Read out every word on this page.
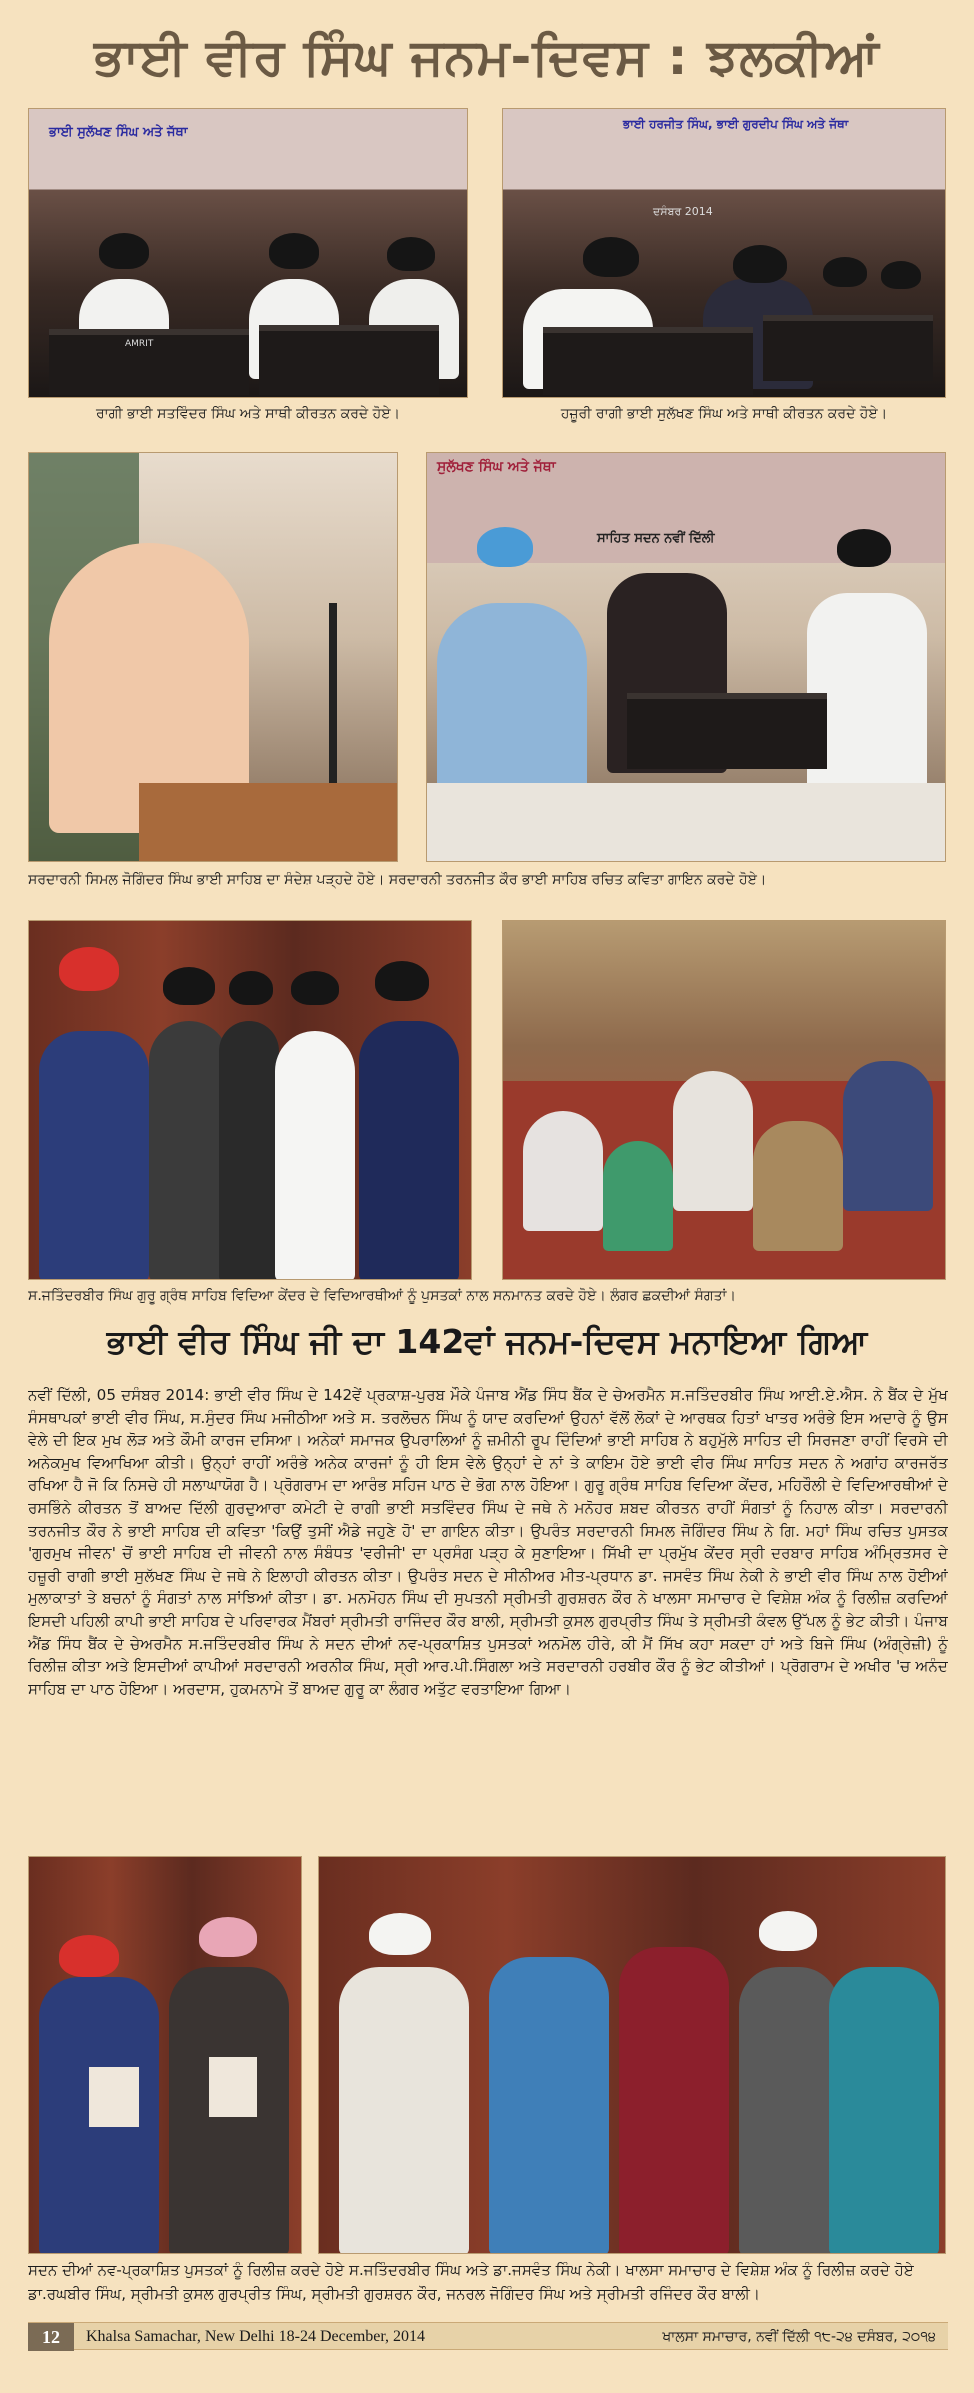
ਭਾਈ ਵੀਰ ਸਿੰਘ ਜਨਮ-ਦਿਵਸ : ਝਲਕੀਆਂ
ਭਾਈ ਸੁਲੱਖਣ ਸਿੰਘ ਅਤੇ ਜੱਥਾ
AMRIT
ਰਾਗੀ ਭਾਈ ਸਤਵਿੰਦਰ ਸਿੰਘ ਅਤੇ ਸਾਥੀ ਕੀਰਤਨ ਕਰਦੇ ਹੋਏ।
ਭਾਈ ਹਰਜੀਤ ਸਿੰਘ, ਭਾਈ ਗੁਰਦੀਪ ਸਿੰਘ ਅਤੇ ਜੱਥਾ
ਦਸੰਬਰ 2014
ਹਜ਼ੂਰੀ ਰਾਗੀ ਭਾਈ ਸੁਲੱਖਣ ਸਿੰਘ ਅਤੇ ਸਾਥੀ ਕੀਰਤਨ ਕਰਦੇ ਹੋਏ।
ਸੁਲੱਖਣ ਸਿੰਘ ਅਤੇ ਜੱਥਾ
ਸਾਹਿਤ ਸਦਨ ਨਵੀਂ ਦਿੱਲੀ
ਸਰਦਾਰਨੀ ਸਿਮਲ ਜੋਗਿੰਦਰ ਸਿੰਘ ਭਾਈ ਸਾਹਿਬ ਦਾ ਸੰਦੇਸ਼ ਪੜ੍ਹਦੇ ਹੋਏ। ਸਰਦਾਰਨੀ ਤਰਨਜੀਤ ਕੌਰ ਭਾਈ ਸਾਹਿਬ ਰਚਿਤ ਕਵਿਤਾ ਗਾਇਨ ਕਰਦੇ ਹੋਏ।
ਸ.ਜਤਿੰਦਰਬੀਰ ਸਿੰਘ ਗੁਰੂ ਗ੍ਰੰਥ ਸਾਹਿਬ ਵਿਦਿਆ ਕੇਂਦਰ ਦੇ ਵਿਦਿਆਰਥੀਆਂ ਨੂੰ ਪੁਸਤਕਾਂ ਨਾਲ ਸਨਮਾਨਤ ਕਰਦੇ ਹੋਏ। ਲੰਗਰ ਛਕਦੀਆਂ ਸੰਗਤਾਂ।
ਭਾਈ ਵੀਰ ਸਿੰਘ ਜੀ ਦਾ 142ਵਾਂ ਜਨਮ-ਦਿਵਸ ਮਨਾਇਆ ਗਿਆ
ਨਵੀਂ ਦਿੱਲੀ, 05 ਦਸੰਬਰ 2014: ਭਾਈ ਵੀਰ ਸਿੰਘ ਦੇ 142ਵੇਂ ਪ੍ਰਕਾਸ਼-ਪੁਰਬ ਮੌਕੇ ਪੰਜਾਬ ਐਂਡ ਸਿੰਧ ਬੈਂਕ ਦੇ ਚੇਅਰਮੈਨ ਸ.ਜਤਿੰਦਰਬੀਰ ਸਿੰਘ ਆਈ.ਏ.ਐਸ. ਨੇ ਬੈਂਕ ਦੇ ਮੁੱਖ ਸੰਸਥਾਪਕਾਂ ਭਾਈ ਵੀਰ ਸਿੰਘ, ਸ.ਸੁੰਦਰ ਸਿੰਘ ਮਜੀਠੀਆ ਅਤੇ ਸ. ਤਰਲੋਚਨ ਸਿੰਘ ਨੂੰ ਯਾਦ ਕਰਦਿਆਂ ਉਹਨਾਂ ਵੱਲੋਂ ਲੋਕਾਂ ਦੇ ਆਰਥਕ ਹਿਤਾਂ ਖਾਤਰ ਅਰੰਭੇ ਇਸ ਅਦਾਰੇ ਨੂੰ ਉਸ ਵੇਲੇ ਦੀ ਇਕ ਮੁਖ ਲੋੜ ਅਤੇ ਕੌਮੀ ਕਾਰਜ ਦਸਿਆ। ਅਨੇਕਾਂ ਸਮਾਜਕ ਉਪਰਾਲਿਆਂ ਨੂੰ ਜ਼ਮੀਨੀ ਰੂਪ ਦਿੰਦਿਆਂ ਭਾਈ ਸਾਹਿਬ ਨੇ ਬਹੁਮੁੱਲੇ ਸਾਹਿਤ ਦੀ ਸਿਰਜਣਾ ਰਾਹੀਂ ਵਿਰਸੇ ਦੀ ਅਨੇਕਮੁਖ ਵਿਆਖਿਆ ਕੀਤੀ। ਉਨ੍ਹਾਂ ਰਾਹੀਂ ਅਰੰਭੇ ਅਨੇਕ ਕਾਰਜਾਂ ਨੂੰ ਹੀ ਇਸ ਵੇਲੇ ਉਨ੍ਹਾਂ ਦੇ ਨਾਂ ਤੇ ਕਾਇਮ ਹੋਏ ਭਾਈ ਵੀਰ ਸਿੰਘ ਸਾਹਿਤ ਸਦਨ ਨੇ ਅਗਾਂਹ ਕਾਰਜਰੱਤ ਰਖਿਆ ਹੈ ਜੋ ਕਿ ਨਿਸਚੇ ਹੀ ਸਲਾਘਾਯੋਗ ਹੈ। ਪ੍ਰੋਗਰਾਮ ਦਾ ਆਰੰਭ ਸਹਿਜ ਪਾਠ ਦੇ ਭੋਗ ਨਾਲ ਹੋਇਆ। ਗੁਰੂ ਗ੍ਰੰਥ ਸਾਹਿਬ ਵਿਦਿਆ ਕੇਂਦਰ, ਮਹਿਰੌਲੀ ਦੇ ਵਿਦਿਆਰਥੀਆਂ ਦੇ ਰਸਭਿੰਨੇ ਕੀਰਤਨ ਤੋਂ ਬਾਅਦ ਦਿੱਲੀ ਗੁਰਦੁਆਰਾ ਕਮੇਟੀ ਦੇ ਰਾਗੀ ਭਾਈ ਸਤਵਿੰਦਰ ਸਿੰਘ ਦੇ ਜਥੇ ਨੇ ਮਨੋਹਰ ਸ਼ਬਦ ਕੀਰਤਨ ਰਾਹੀਂ ਸੰਗਤਾਂ ਨੂੰ ਨਿਹਾਲ ਕੀਤਾ। ਸਰਦਾਰਨੀ ਤਰਨਜੀਤ ਕੌਰ ਨੇ ਭਾਈ ਸਾਹਿਬ ਦੀ ਕਵਿਤਾ 'ਕਿਉਂ ਤੁਸੀਂ ਐਡੇ ਜਹੁਣੇ ਹੋ' ਦਾ ਗਾਇਨ ਕੀਤਾ। ਉਪਰੰਤ ਸਰਦਾਰਨੀ ਸਿਮਲ ਜੋਗਿੰਦਰ ਸਿੰਘ ਨੇ ਗਿ. ਮਹਾਂ ਸਿੰਘ ਰਚਿਤ ਪੁਸਤਕ 'ਗੁਰਮੁਖ ਜੀਵਨ' ਚੋਂ ਭਾਈ ਸਾਹਿਬ ਦੀ ਜੀਵਨੀ ਨਾਲ ਸੰਬੰਧਤ 'ਵਰੀਜੀ' ਦਾ ਪ੍ਰਸੰਗ ਪੜ੍ਹ ਕੇ ਸੁਣਾਇਆ। ਸਿੱਖੀ ਦਾ ਪ੍ਰਮੁੱਖ ਕੇਂਦਰ ਸ੍ਰੀ ਦਰਬਾਰ ਸਾਹਿਬ ਅੰਮ੍ਰਿਤਸਰ ਦੇ ਹਜ਼ੂਰੀ ਰਾਗੀ ਭਾਈ ਸੁਲੱਖਣ ਸਿੰਘ ਦੇ ਜਥੇ ਨੇ ਇਲਾਹੀ ਕੀਰਤਨ ਕੀਤਾ। ਉਪਰੰਤ ਸਦਨ ਦੇ ਸੀਨੀਅਰ ਮੀਤ-ਪ੍ਰਧਾਨ ਡਾ. ਜਸਵੰਤ ਸਿੰਘ ਨੇਕੀ ਨੇ ਭਾਈ ਵੀਰ ਸਿੰਘ ਨਾਲ ਹੋਈਆਂ ਮੁਲਾਕਾਤਾਂ ਤੇ ਬਚਨਾਂ ਨੂੰ ਸੰਗਤਾਂ ਨਾਲ ਸਾਂਝਿਆਂ ਕੀਤਾ। ਡਾ. ਮਨਮੋਹਨ ਸਿੰਘ ਦੀ ਸੁਪਤਨੀ ਸ੍ਰੀਮਤੀ ਗੁਰਸ਼ਰਨ ਕੌਰ ਨੇ ਖਾਲਸਾ ਸਮਾਚਾਰ ਦੇ ਵਿਸ਼ੇਸ਼ ਅੰਕ ਨੂੰ ਰਿਲੀਜ਼ ਕਰਦਿਆਂ ਇਸਦੀ ਪਹਿਲੀ ਕਾਪੀ ਭਾਈ ਸਾਹਿਬ ਦੇ ਪਰਿਵਾਰਕ ਮੈਂਬਰਾਂ ਸ੍ਰੀਮਤੀ ਰਾਜਿੰਦਰ ਕੌਰ ਬਾਲੀ, ਸ੍ਰੀਮਤੀ ਕੁਸਲ ਗੁਰਪ੍ਰੀਤ ਸਿੰਘ ਤੇ ਸ੍ਰੀਮਤੀ ਕੰਵਲ ਉੱਪਲ ਨੂੰ ਭੇਟ ਕੀਤੀ। ਪੰਜਾਬ ਐਂਡ ਸਿੰਧ ਬੈਂਕ ਦੇ ਚੇਅਰਮੈਨ ਸ.ਜਤਿੰਦਰਬੀਰ ਸਿੰਘ ਨੇ ਸਦਨ ਦੀਆਂ ਨਵ-ਪ੍ਰਕਾਸ਼ਿਤ ਪੁਸਤਕਾਂ ਅਨਮੋਲ ਹੀਰੇ, ਕੀ ਮੈਂ ਸਿੱਖ ਕਹਾ ਸਕਦਾ ਹਾਂ ਅਤੇ ਬਿਜੇ ਸਿੰਘ (ਅੰਗ੍ਰੇਜ਼ੀ) ਨੂੰ ਰਿਲੀਜ਼ ਕੀਤਾ ਅਤੇ ਇਸਦੀਆਂ ਕਾਪੀਆਂ ਸਰਦਾਰਨੀ ਅਰਨੀਕ ਸਿੰਘ, ਸ੍ਰੀ ਆਰ.ਪੀ.ਸਿੰਗਲਾ ਅਤੇ ਸਰਦਾਰਨੀ ਹਰਬੀਰ ਕੌਰ ਨੂੰ ਭੇਟ ਕੀਤੀਆਂ। ਪ੍ਰੋਗਰਾਮ ਦੇ ਅਖੀਰ 'ਚ ਅਨੰਦ ਸਾਹਿਬ ਦਾ ਪਾਠ ਹੋਇਆ। ਅਰਦਾਸ, ਹੁਕਮਨਾਮੇ ਤੋਂ ਬਾਅਦ ਗੁਰੂ ਕਾ ਲੰਗਰ ਅਤੁੱਟ ਵਰਤਾਇਆ ਗਿਆ।
ਸਦਨ ਦੀਆਂ ਨਵ-ਪ੍ਰਕਾਸ਼ਿਤ ਪੁਸਤਕਾਂ ਨੂੰ ਰਿਲੀਜ਼ ਕਰਦੇ ਹੋਏ ਸ.ਜਤਿੰਦਰਬੀਰ ਸਿੰਘ ਅਤੇ ਡਾ.ਜਸਵੰਤ ਸਿੰਘ ਨੇਕੀ। ਖਾਲਸਾ ਸਮਾਚਾਰ ਦੇ ਵਿਸ਼ੇਸ਼ ਅੰਕ ਨੂੰ ਰਿਲੀਜ਼ ਕਰਦੇ ਹੋਏ ਡਾ.ਰਘਬੀਰ ਸਿੰਘ, ਸ੍ਰੀਮਤੀ ਕੁਸਲ ਗੁਰਪ੍ਰੀਤ ਸਿੰਘ, ਸ੍ਰੀਮਤੀ ਗੁਰਸ਼ਰਨ ਕੌਰ, ਜਨਰਲ ਜੋਗਿੰਦਰ ਸਿੰਘ ਅਤੇ ਸ੍ਰੀਮਤੀ ਰਜਿੰਦਰ ਕੌਰ ਬਾਲੀ।
12	Khalsa Samachar, New Delhi 18-24 December, 2014	ਖਾਲਸਾ ਸਮਾਚਾਰ, ਨਵੀਂ ਦਿੱਲੀ ੧੮-੨੪ ਦਸੰਬਰ, ੨੦੧੪
